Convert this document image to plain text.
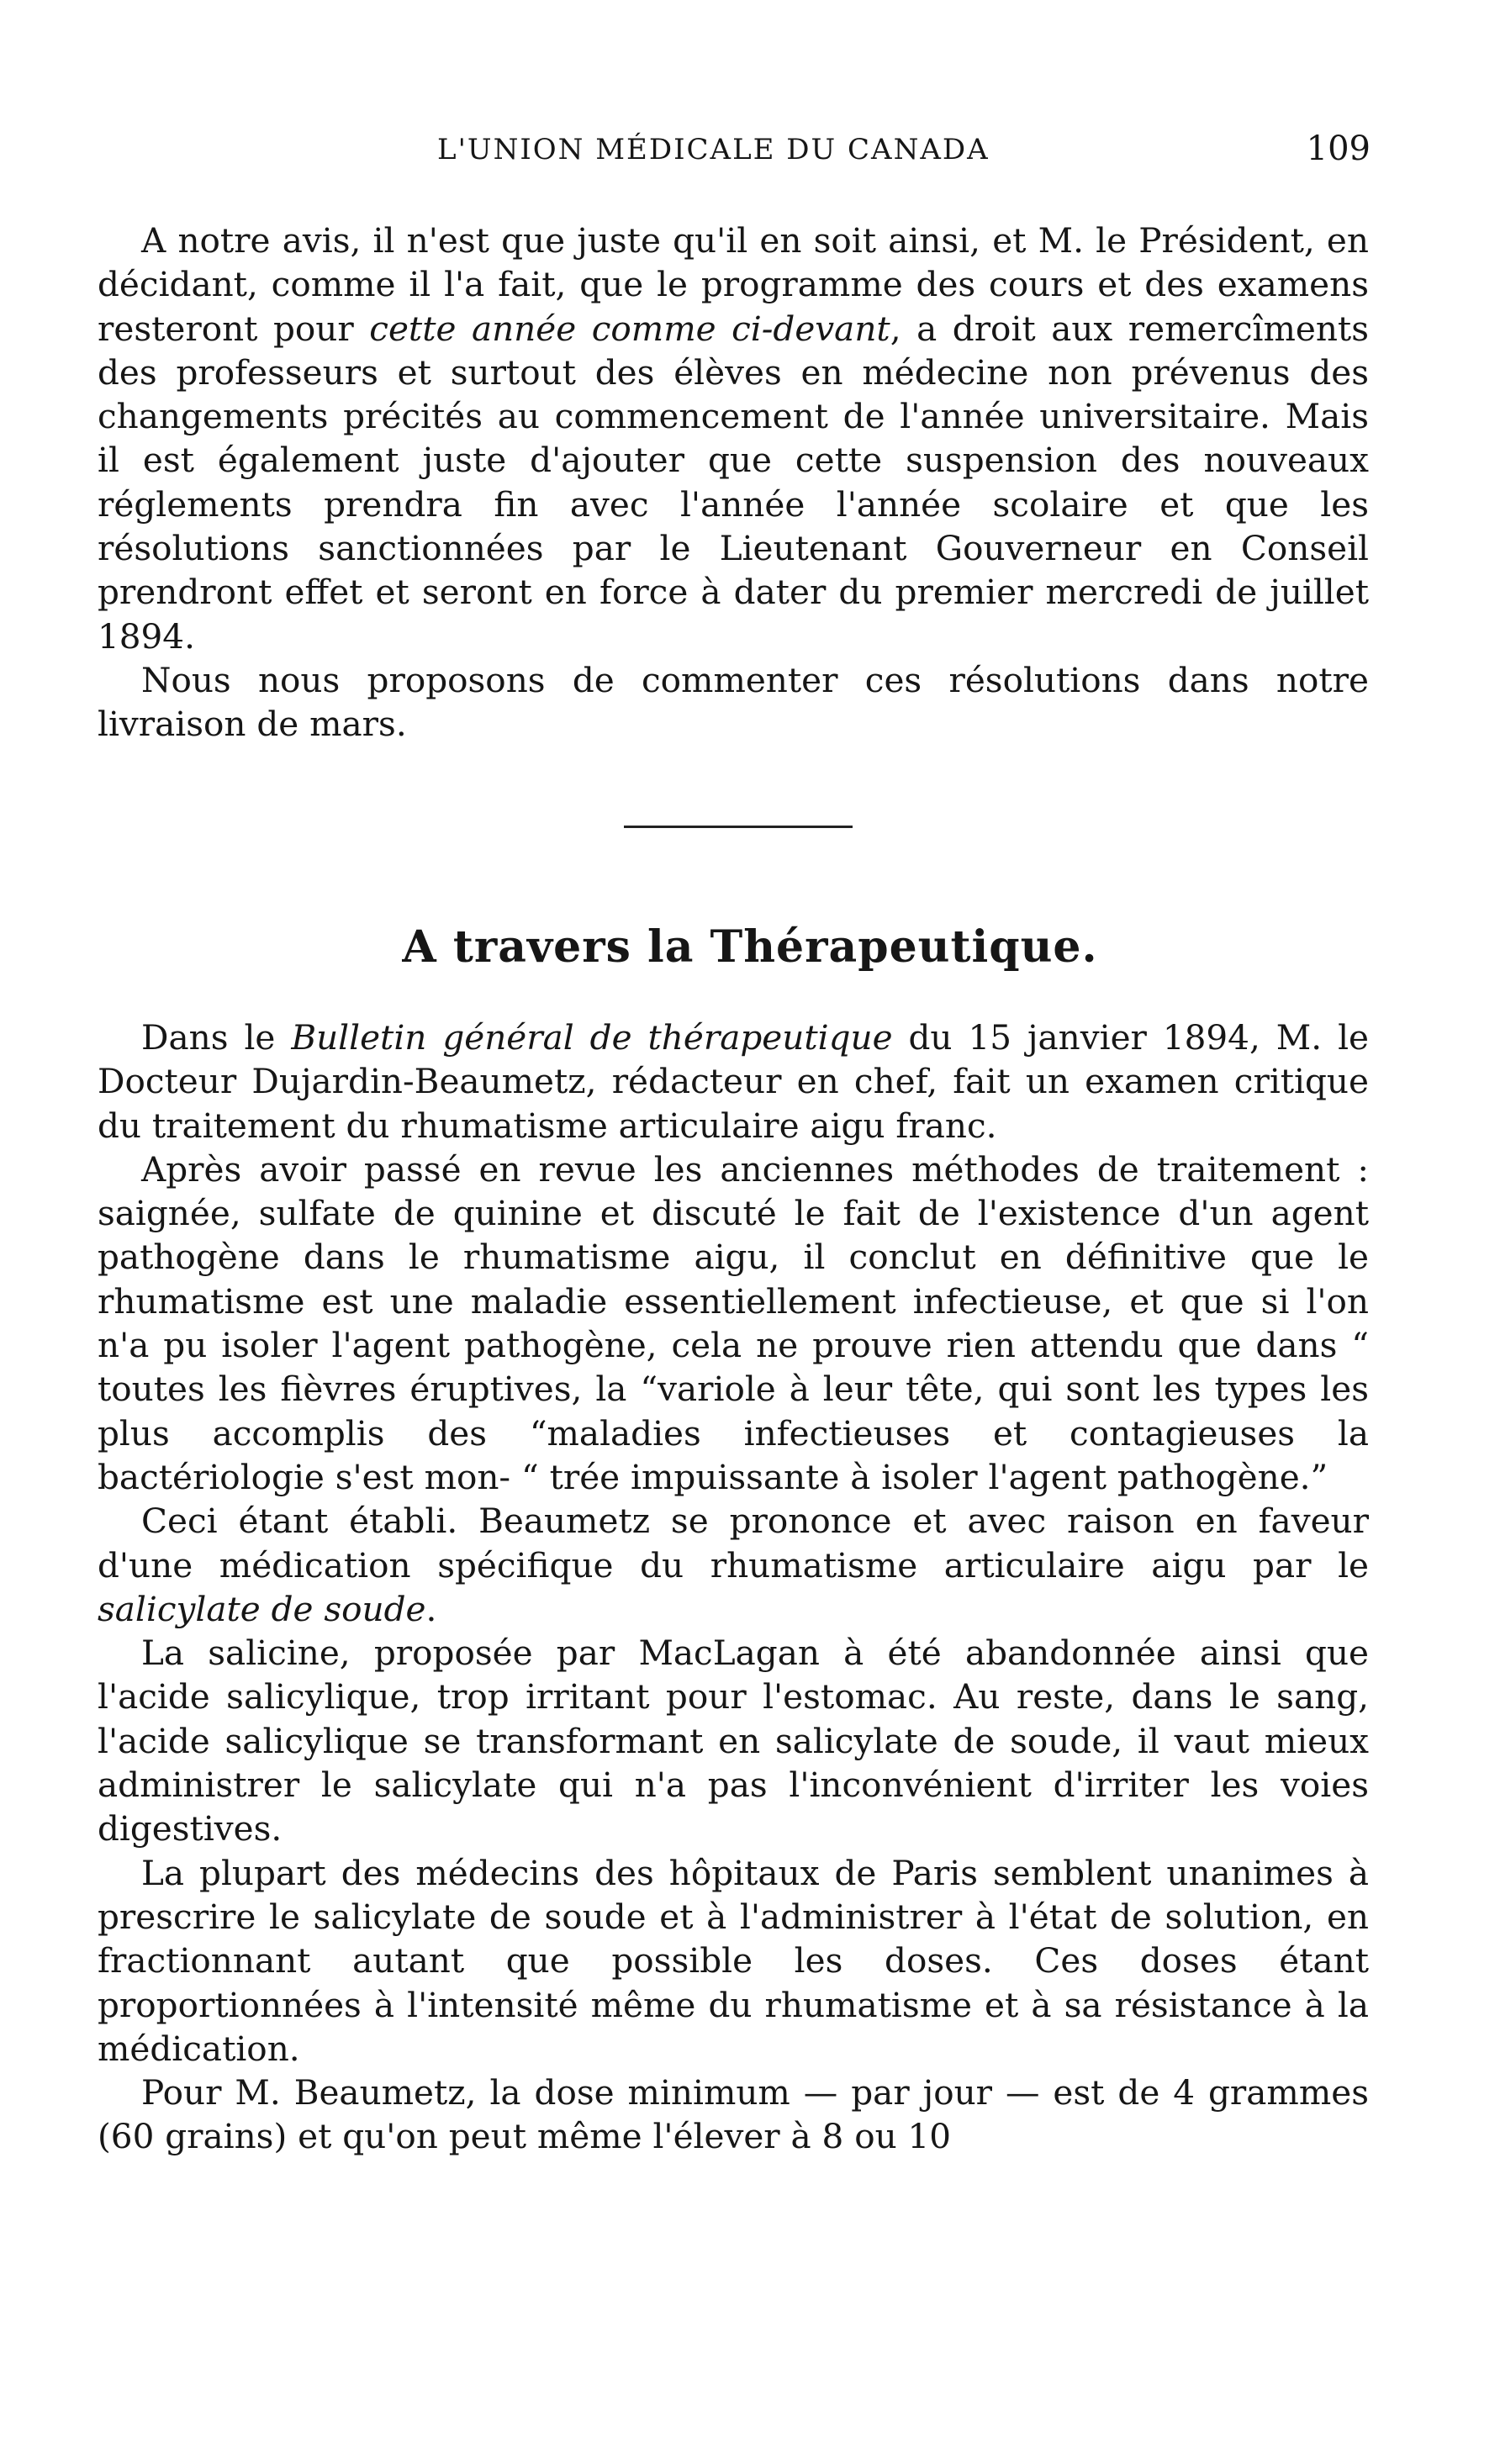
L'UNION MÉDICALE DU CANADA	109

A notre avis, il n'est que juste qu'il en soit ainsi, et M. le Président, en décidant, comme il l'a fait, que le programme des cours et des examens resteront pour cette année comme ci-devant, a droit aux remercîments des professeurs et surtout des élèves en médecine non prévenus des changements précités au commencement de l'année universitaire. Mais il est également juste d'ajouter que cette suspension des nouveaux réglements prendra fin avec l'année l'année scolaire et que les résolutions sanctionnées par le Lieutenant Gouverneur en Conseil prendront effet et seront en force à dater du premier mercredi de juillet 1894.

Nous nous proposons de commenter ces résolutions dans notre livraison de mars.

A travers la Thérapeutique.

Dans le Bulletin général de thérapeutique du 15 janvier 1894, M. le Docteur Dujardin-Beaumetz, rédacteur en chef, fait un examen critique du traitement du rhumatisme articulaire aigu franc.

Après avoir passé en revue les anciennes méthodes de traitement : saignée, sulfate de quinine et discuté le fait de l'existence d'un agent pathogène dans le rhumatisme aigu, il conclut en définitive que le rhumatisme est une maladie essentiellement infectieuse, et que si l'on n'a pu isoler l'agent pathogène, cela ne prouve rien attendu que dans “ toutes les fièvres éruptives, la “variole à leur tête, qui sont les types les plus accomplis des “maladies infectieuses et contagieuses la bactériologie s'est mon- “ trée impuissante à isoler l'agent pathogène.”

Ceci étant établi. Beaumetz se prononce et avec raison en faveur d'une médication spécifique du rhumatisme articulaire aigu par le salicylate de soude.

La salicine, proposée par MacLagan à été abandonnée ainsi que l'acide salicylique, trop irritant pour l'estomac. Au reste, dans le sang, l'acide salicylique se transformant en salicylate de soude, il vaut mieux administrer le salicylate qui n'a pas l'inconvénient d'irriter les voies digestives.

La plupart des médecins des hôpitaux de Paris semblent unanimes à prescrire le salicylate de soude et à l'administrer à l'état de solution, en fractionnant autant que possible les doses. Ces doses étant proportionnées à l'intensité même du rhumatisme et à sa résistance à la médication.

Pour M. Beaumetz, la dose minimum — par jour — est de 4 grammes (60 grains) et qu'on peut même l'élever à 8 ou 10
